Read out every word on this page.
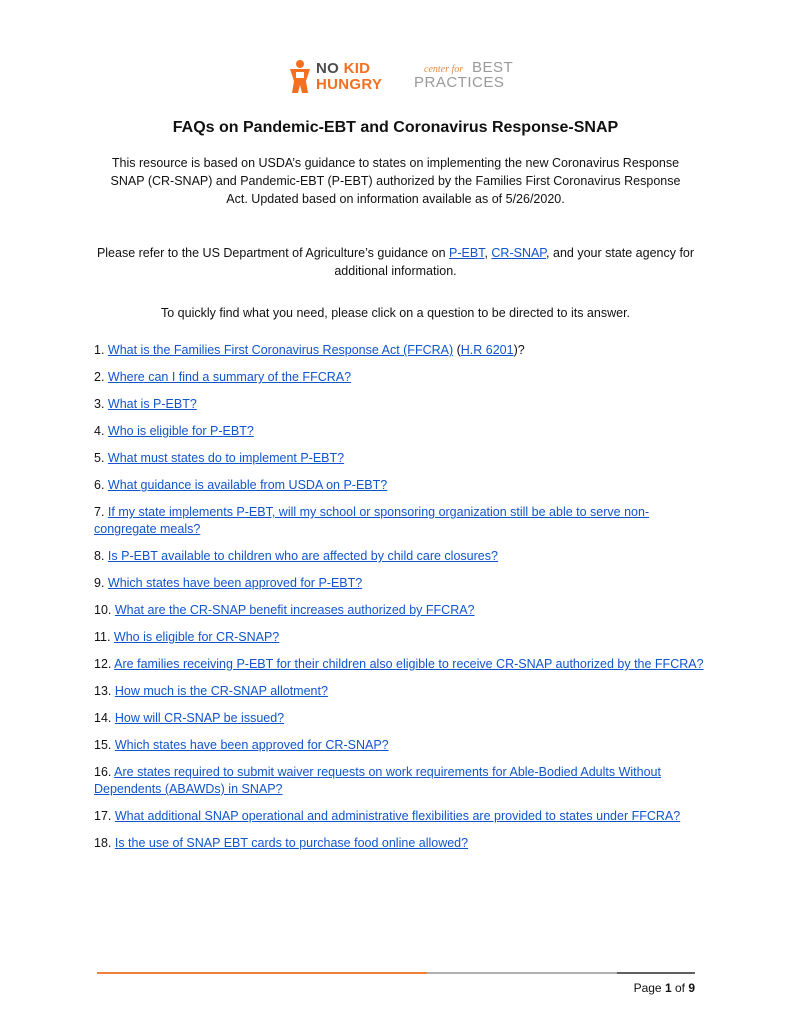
NO KID
HUNGRY
center for BEST
PRACTICES
FAQs on Pandemic-EBT and Coronavirus Response-SNAP
This resource is based on USDA’s guidance to states on implementing the new Coronavirus Response SNAP (CR-SNAP) and Pandemic-EBT (P-EBT) authorized by the Families First Coronavirus Response Act. Updated based on information available as of 5/26/2020.
Please refer to the US Department of Agriculture’s guidance on P-EBT, CR-SNAP, and your state agency for additional information.
To quickly find what you need, please click on a question to be directed to its answer.
1. What is the Families First Coronavirus Response Act (FFCRA) (H.R 6201)?
2. Where can I find a summary of the FFCRA?
3. What is P-EBT?
4. Who is eligible for P-EBT?
5. What must states do to implement P-EBT?
6. What guidance is available from USDA on P-EBT?
7. If my state implements P-EBT, will my school or sponsoring organization still be able to serve non-congregate meals?
8. Is P-EBT available to children who are affected by child care closures?
9. Which states have been approved for P-EBT?
10. What are the CR-SNAP benefit increases authorized by FFCRA?
11. Who is eligible for CR-SNAP?
12. Are families receiving P-EBT for their children also eligible to receive CR-SNAP authorized by the FFCRA?
13. How much is the CR-SNAP allotment?
14. How will CR-SNAP be issued?
15. Which states have been approved for CR-SNAP?
16. Are states required to submit waiver requests on work requirements for Able-Bodied Adults Without Dependents (ABAWDs) in SNAP?
17. What additional SNAP operational and administrative flexibilities are provided to states under FFCRA?
18. Is the use of SNAP EBT cards to purchase food online allowed?
Page 1 of 9
